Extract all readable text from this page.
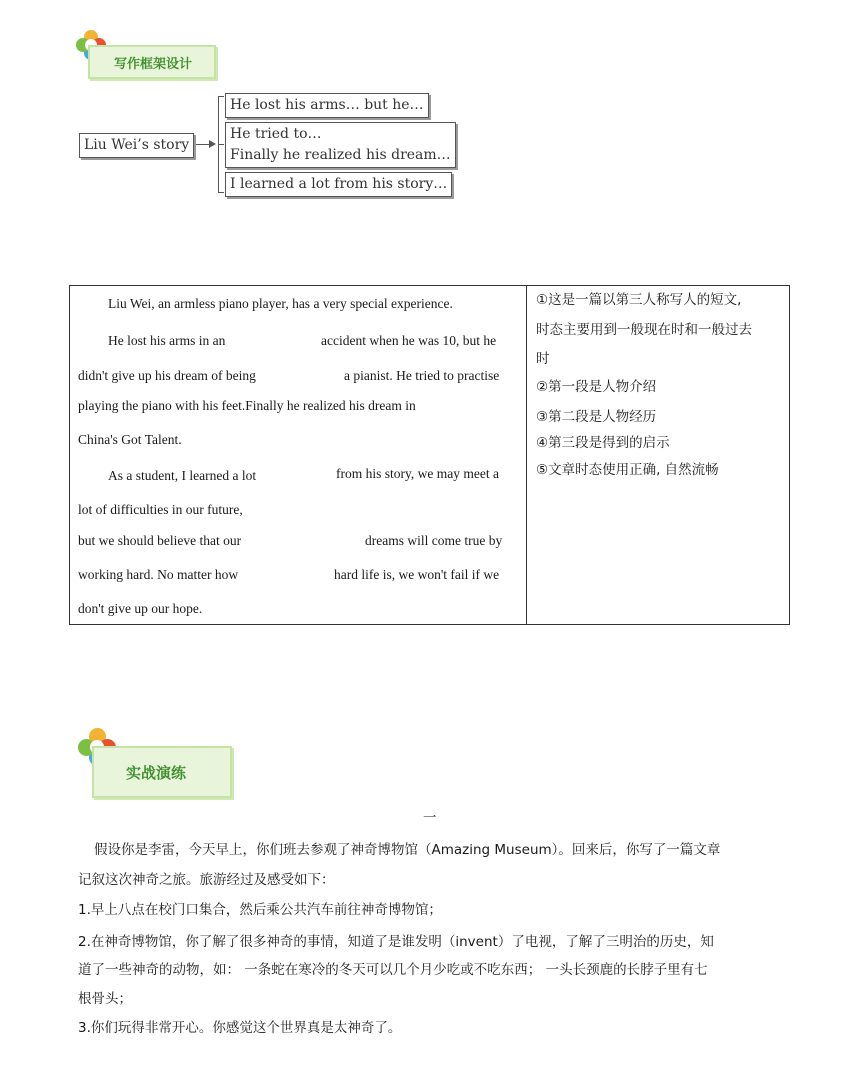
写作框架设计
Liu Wei’s story
He lost his arms… but he…
He tried to…
Finally he realized his dream…
I learned a lot from his story…
Liu Wei, an armless piano player, has a very special experience.
He lost his arms in an	accident when he was 10, but he
didn't give up his dream of being	a pianist. He tried to practise
playing the piano with his feet.Finally he realized his dream in
China's Got Talent.
As a student, I learned a lot	from his story, we may meet a
lot of difficulties in our future,
but we should believe that our	dreams will come true by
working hard. No matter how	hard life is, we won't fail if we
don't give up our hope.
①这是一篇以第三人称写人的短文,
时态主要用到一般现在时和一般过去
时
②第一段是人物介绍
③第二段是人物经历
④第三段是得到的启示
⑤文章时态使用正确, 自然流畅
实战演练
一
假设你是李雷，今天早上，你们班去参观了神奇博物馆（Amazing Museum）。回来后，你写了一篇文章
记叙这次神奇之旅。旅游经过及感受如下：
1.早上八点在校门口集合，然后乘公共汽车前往神奇博物馆；
2.在神奇博物馆，你了解了很多神奇的事情，知道了是谁发明（invent）了电视，了解了三明治的历史，知
道了一些神奇的动物，如： 一条蛇在寒冷的冬天可以几个月少吃或不吃东西； 一头长颈鹿的长脖子里有七
根骨头；
3.你们玩得非常开心。你感觉这个世界真是太神奇了。
